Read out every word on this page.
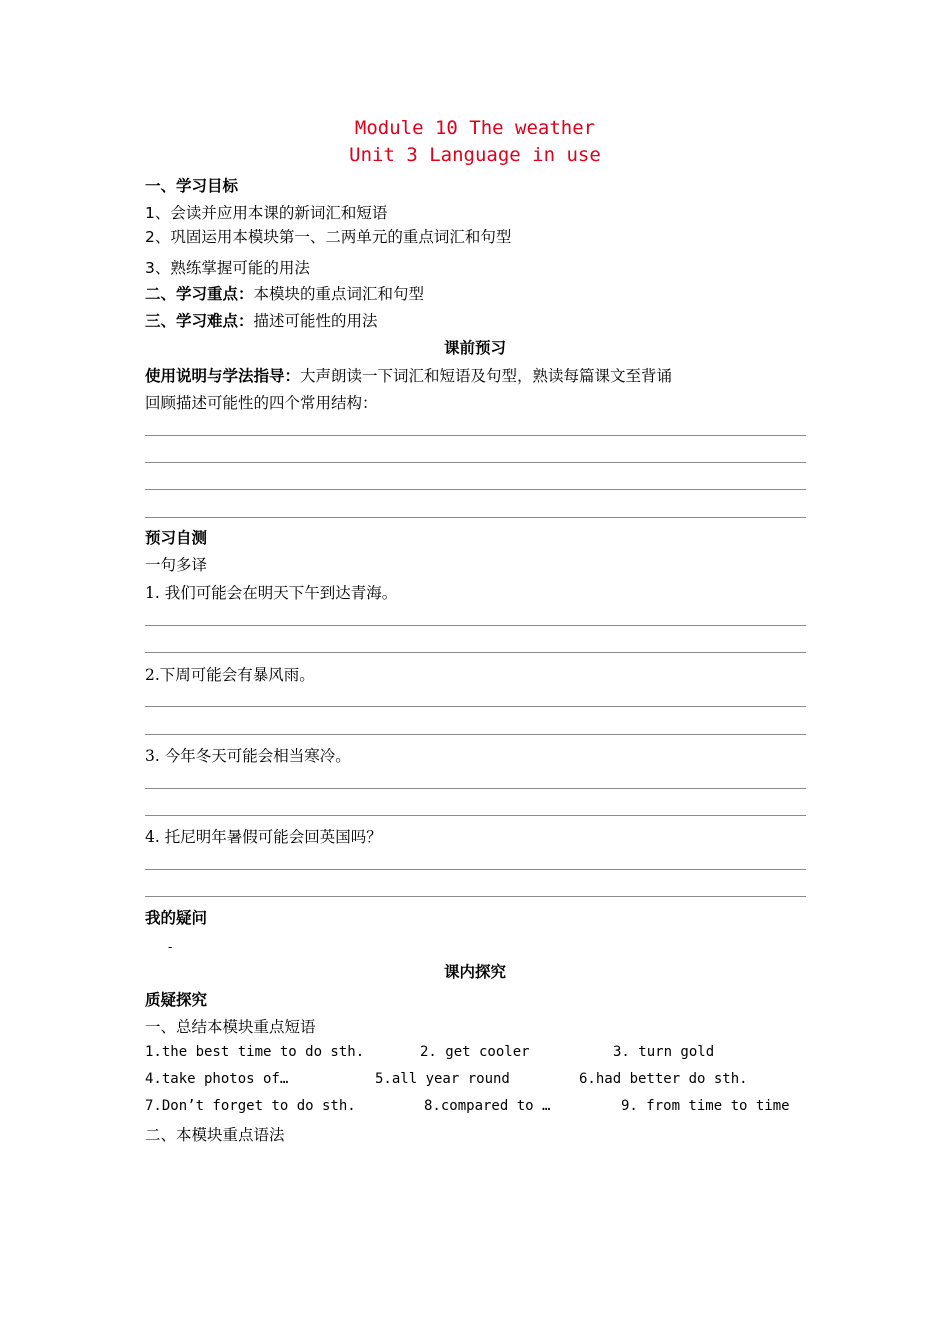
Module 10 The weather
Unit 3 Language in use
一、学习目标
1、会读并应用本课的新词汇和短语
2、巩固运用本模块第一、二两单元的重点词汇和句型
3、熟练掌握可能的用法
二、学习重点：本模块的重点词汇和句型
三、学习难点：描述可能性的用法
课前预习
使用说明与学法指导：大声朗读一下词汇和短语及句型，熟读每篇课文至背诵
回顾描述可能性的四个常用结构：
预习自测
一句多译
1. 我们可能会在明天下午到达青海。
2.下周可能会有暴风雨。
3. 今年冬天可能会相当寒冷。
4. 托尼明年暑假可能会回英国吗？
我的疑问
-
课内探究
质疑探究
一、总结本模块重点短语
1.the best time to do sth.	2. get cooler	3. turn gold
4.take photos of…	5.all year round	6.had better do sth.
7.Don’t forget to do sth.	8.compared to …	9. from time to time
二、本模块重点语法
